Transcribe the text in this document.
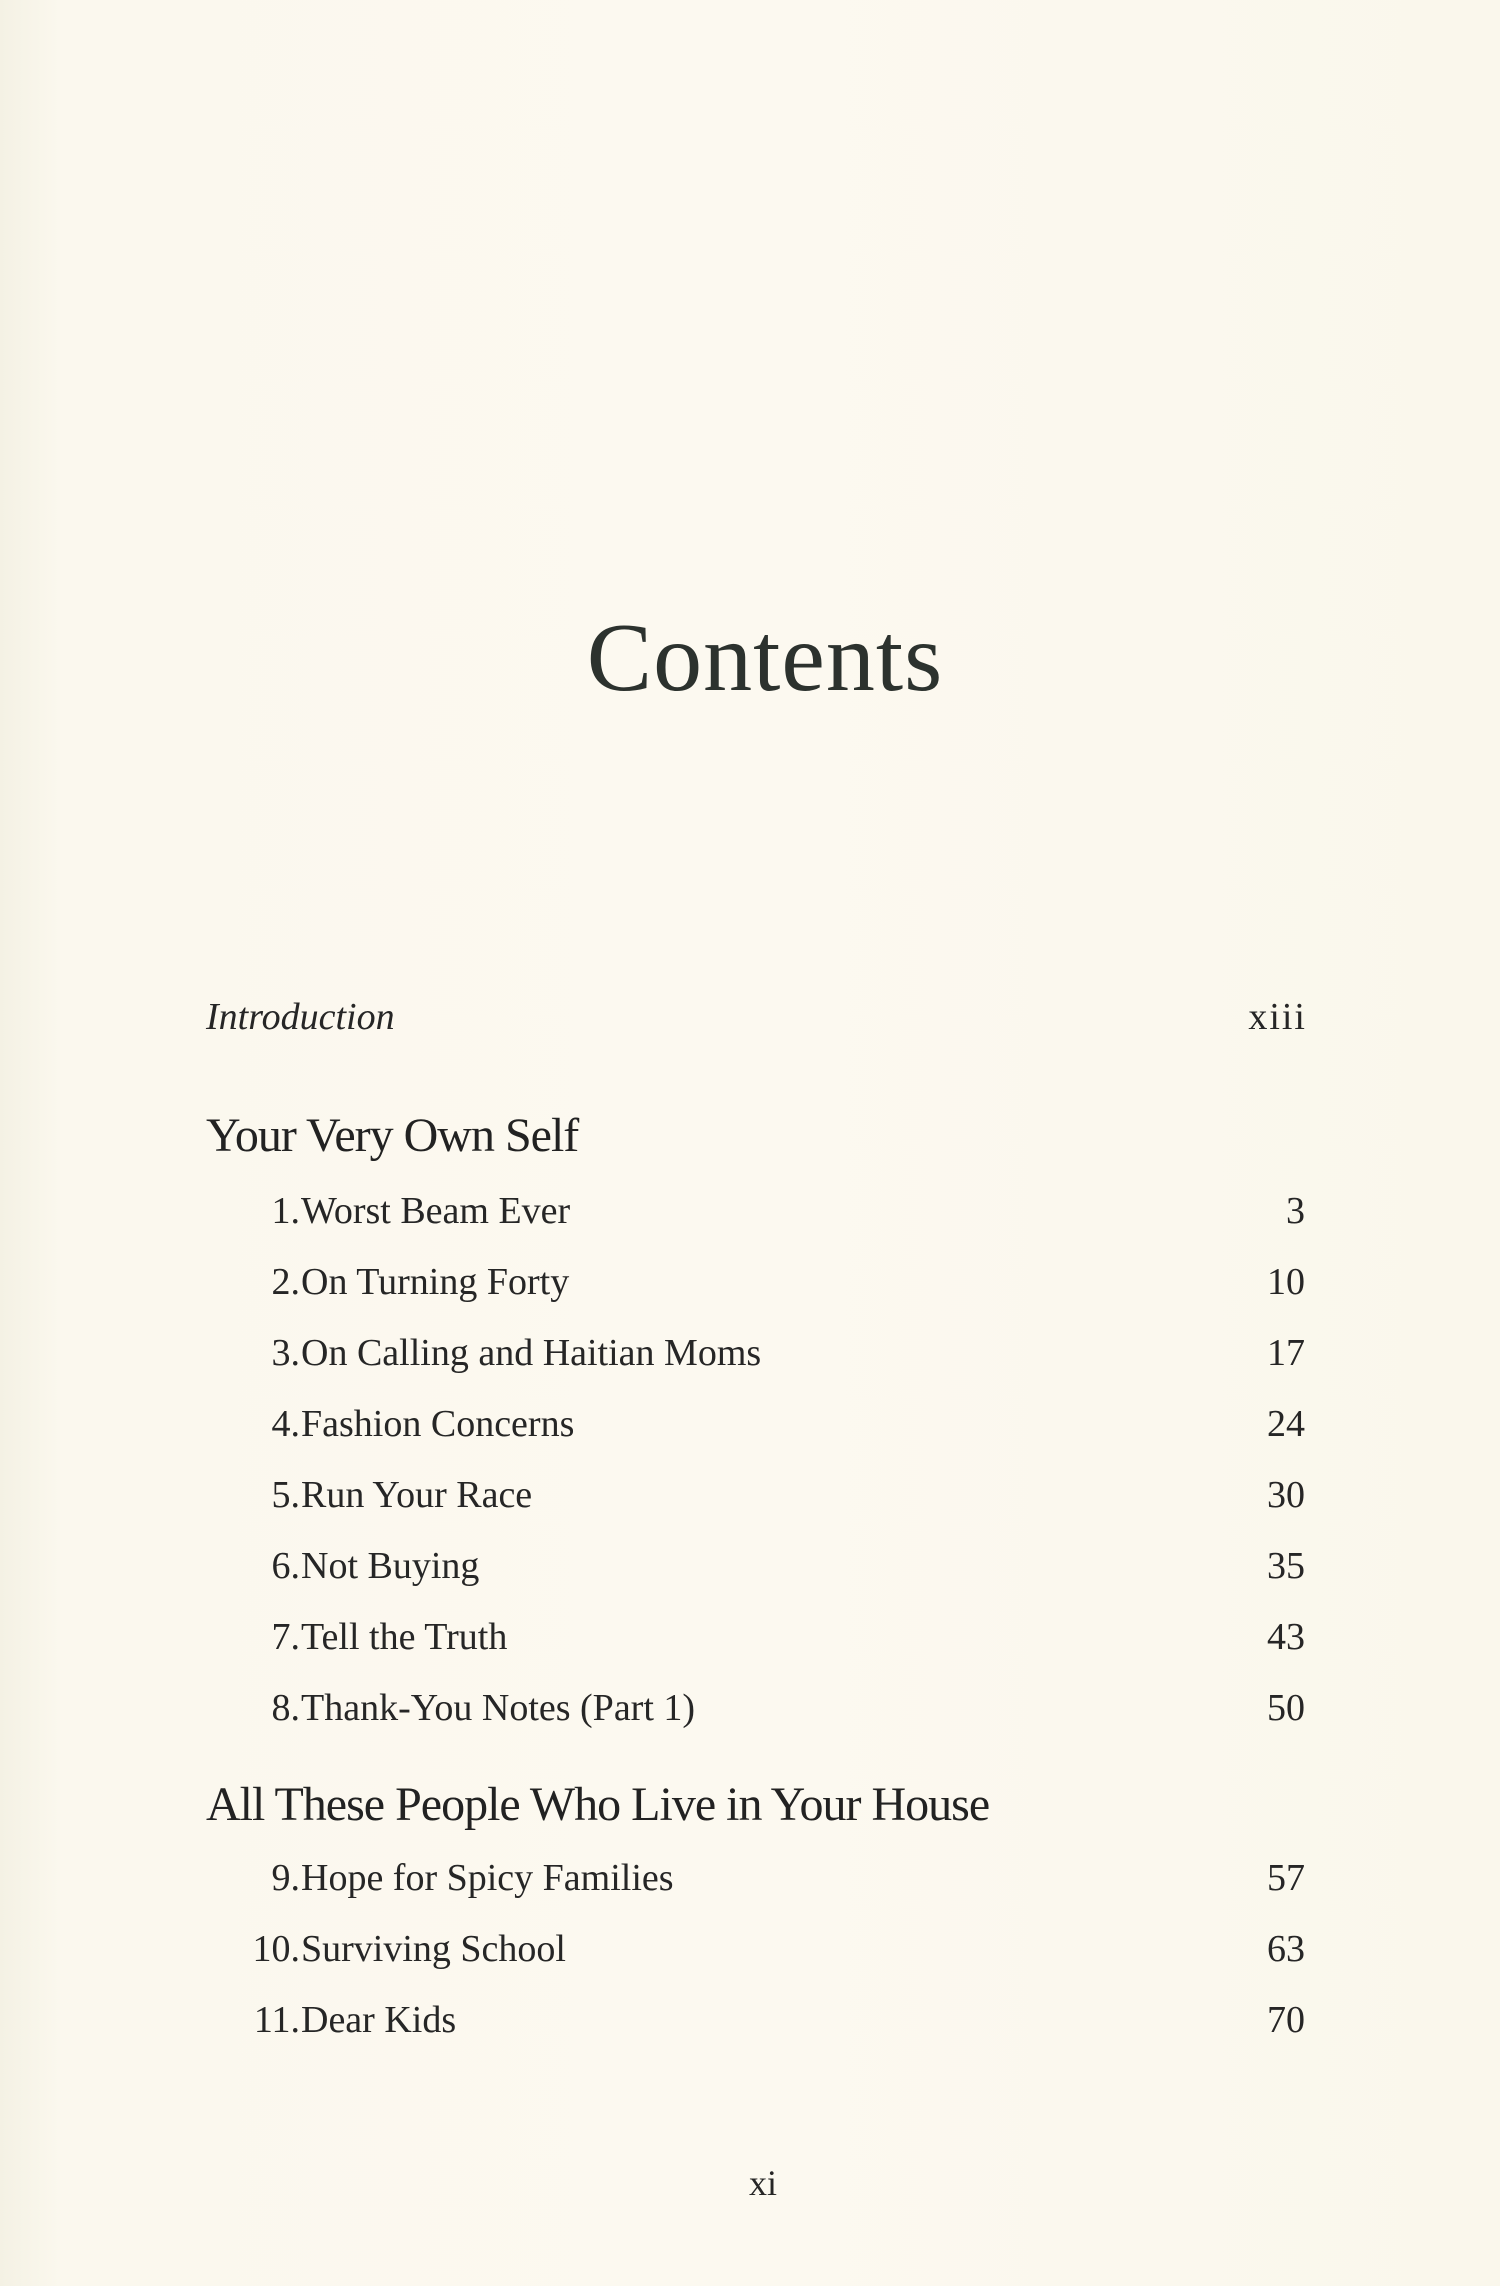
Contents
Introduction	xiii
Your Very Own Self
1. Worst Beam Ever	3
2. On Turning Forty	10
3. On Calling and Haitian Moms	17
4. Fashion Concerns	24
5. Run Your Race	30
6. Not Buying	35
7. Tell the Truth	43
8. Thank-You Notes (Part 1)	50
All These People Who Live in Your House
9. Hope for Spicy Families	57
10. Surviving School	63
11. Dear Kids	70
xi
